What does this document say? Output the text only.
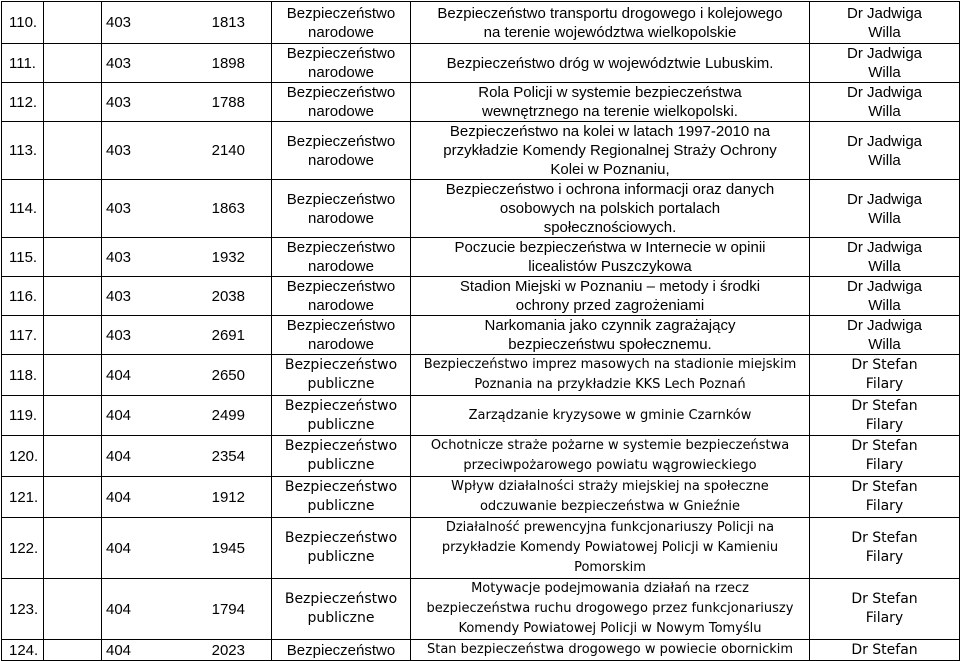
110.	403	1813	Bezpieczeństwo
narodowe	Bezpieczeństwo transportu drogowego i kolejowego
na terenie województwa wielkopolskie	Dr Jadwiga
Willa

111.	403	1898	Bezpieczeństwo
narodowe	Bezpieczeństwo dróg w województwie Lubuskim.	Dr Jadwiga
Willa

112.	403	1788	Bezpieczeństwo
narodowe	Rola Policji w systemie bezpieczeństwa
wewnętrznego na terenie wielkopolski.	Dr Jadwiga
Willa

113.	403	2140	Bezpieczeństwo
narodowe	Bezpieczeństwo na kolei w latach 1997-2010 na
przykładzie Komendy Regionalnej Straży Ochrony
Kolei w Poznaniu,	Dr Jadwiga
Willa

114.	403	1863	Bezpieczeństwo
narodowe	Bezpieczeństwo i ochrona informacji oraz danych
osobowych na polskich portalach
społecznościowych.	Dr Jadwiga
Willa

115.	403	1932	Bezpieczeństwo
narodowe	Poczucie bezpieczeństwa w Internecie w opinii
licealistów Puszczykowa	Dr Jadwiga
Willa

116.	403	2038	Bezpieczeństwo
narodowe	Stadion Miejski w Poznaniu – metody i środki
ochrony przed zagrożeniami	Dr Jadwiga
Willa

117.	403	2691	Bezpieczeństwo
narodowe	Narkomania jako czynnik zagrażający
bezpieczeństwu społecznemu.	Dr Jadwiga
Willa

118.	404	2650	Bezpieczeństwo
publiczne	Bezpieczeństwo imprez masowych na stadionie miejskim
Poznania na przykładzie KKS Lech Poznań	Dr Stefan
Filary

119.	404	2499	Bezpieczeństwo
publiczne	Zarządzanie kryzysowe w gminie Czarnków	Dr Stefan
Filary

120.	404	2354	Bezpieczeństwo
publiczne	Ochotnicze straże pożarne w systemie bezpieczeństwa
przeciwpożarowego powiatu wągrowieckiego	Dr Stefan
Filary

121.	404	1912	Bezpieczeństwo
publiczne	Wpływ działalności straży miejskiej na społeczne
odczuwanie bezpieczeństwa w Gnieźnie	Dr Stefan
Filary

122.	404	1945	Bezpieczeństwo
publiczne	Działalność prewencyjna funkcjonariuszy Policji na
przykładzie Komendy Powiatowej Policji w Kamieniu
Pomorskim	Dr Stefan
Filary

123.	404	1794	Bezpieczeństwo
publiczne	Motywacje podejmowania działań na rzecz
bezpieczeństwa ruchu drogowego przez funkcjonariuszy
Komendy Powiatowej Policji w Nowym Tomyślu	Dr Stefan
Filary

124.	404	2023	Bezpieczeństwo	Stan bezpieczeństwa drogowego w powiecie obornickim	Dr Stefan
